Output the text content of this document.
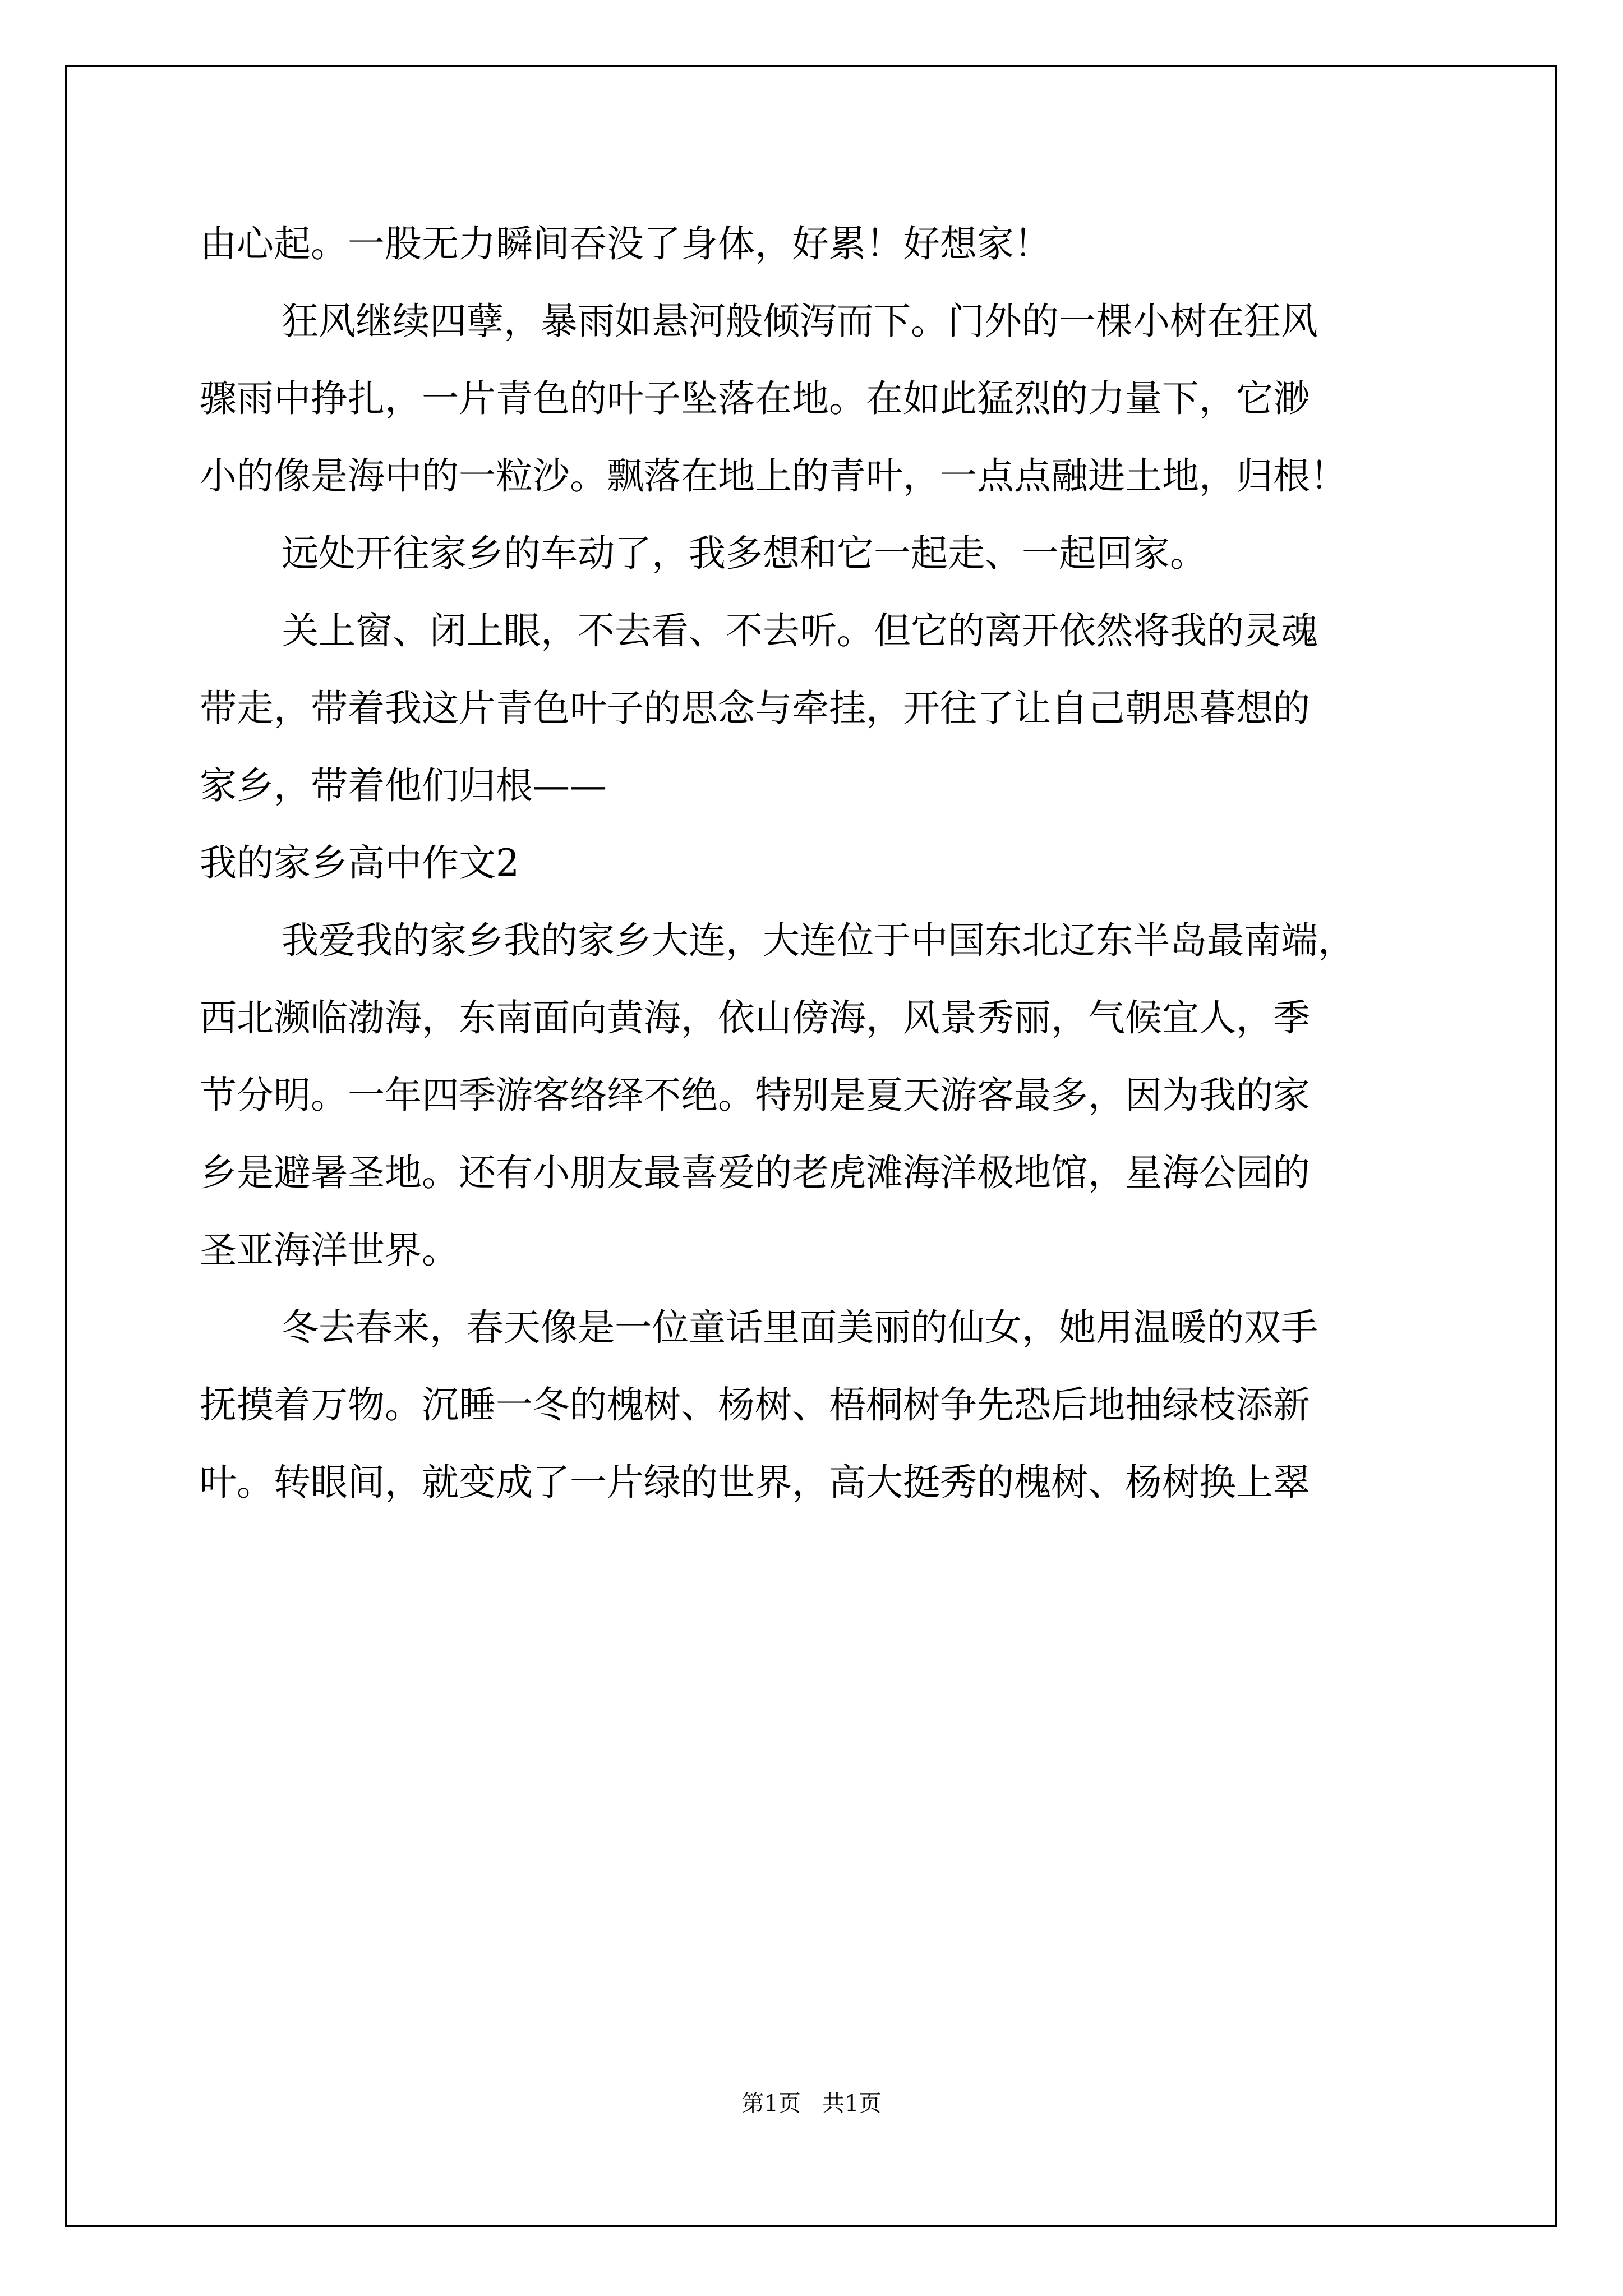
由心起。一股无力瞬间吞没了身体，好累！好想家！
狂风继续四孽，暴雨如悬河般倾泻而下。门外的一棵小树在狂风
骤雨中挣扎，一片青色的叶子坠落在地。在如此猛烈的力量下，它渺
小的像是海中的一粒沙。飘落在地上的青叶，一点点融进土地，归根！
远处开往家乡的车动了，我多想和它一起走、一起回家。
关上窗、闭上眼，不去看、不去听。但它的离开依然将我的灵魂
带走，带着我这片青色叶子的思念与牵挂，开往了让自己朝思暮想的
家乡，带着他们归根——
我的家乡高中作文2
我爱我的家乡我的家乡大连，大连位于中国东北辽东半岛最南端，
西北濒临渤海，东南面向黄海，依山傍海，风景秀丽，气候宜人，季
节分明。一年四季游客络绎不绝。特别是夏天游客最多，因为我的家
乡是避暑圣地。还有小朋友最喜爱的老虎滩海洋极地馆，星海公园的
圣亚海洋世界。
冬去春来，春天像是一位童话里面美丽的仙女，她用温暖的双手
抚摸着万物。沉睡一冬的槐树、杨树、梧桐树争先恐后地抽绿枝添新
叶。转眼间，就变成了一片绿的世界，高大挺秀的槐树、杨树换上翠
第1页   共1页
